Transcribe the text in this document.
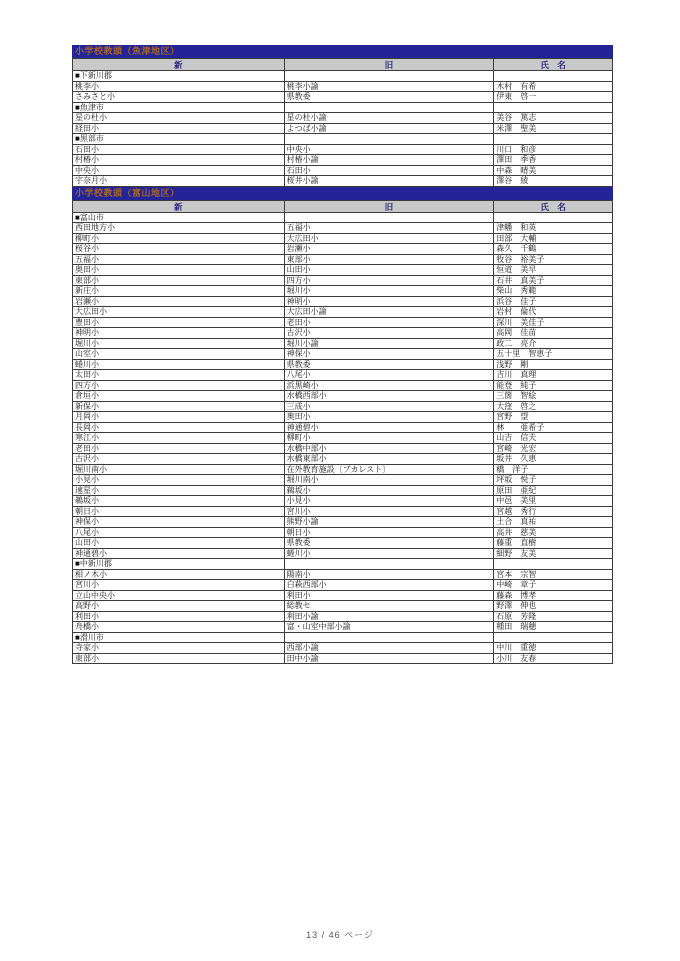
小学校教頭（魚津地区）
新	旧	氏　名
■下新川郡
桃李小	桃李小諭	木村　有希
さみさと小	県教委	伊東　啓一
■魚津市
星の杜小	星の杜小諭	美谷　篤志
経田小	よつば小諭	米澤　聖美
■黒部市
石田小	中央小	川口　和彦
村椿小	村椿小諭	澤田　季香
中央小	石田小	中森　晴美
宇奈月小	桜井小諭	澤谷　綾
小学校教頭（富山地区）
新	旧	氏　名
■富山市
西田地方小	五福小	津幡　和英
柳町小	大広田小	田部　大輔
桜谷小	岩瀬小	森久　千鶴
五福小	東部小	牧谷　裕美子
奥田小	山田小	恒道　美早
東部小	四方小	石井　真美子
新庄小	堀川小	柴山　秀範
岩瀬小	神明小	浜谷　佳子
大広田小	大広田小諭	岩村　倫代
豊田小	老田小	深川　美佳子
神明小	古沢小	高岡　佳苗
堀川小	堀川小諭	政二　亮介
山室小	神保小	五十里　智恵子
蜷川小	県教委	浅野　剛
太田小	八尾小	吉川　真理
四方小	浜黒崎小	能登　純子
倉垣小	水橋西部小	三箇　智絵
新保小	三成小	大窪　啓之
月岡小	奥田小	宮野　望
長岡小	神通碧小	林　　亜希子
寒江小	柳町小	山吉　信夫
老田小	水橋中部小	宮崎　光宏
古沢小	水橋東部小	坂井　久恵
堀川南小	在外教育施設〔ブカレスト〕	橋　洋子
小見小	堀川南小	坪坂　悦子
速星小	鵜坂小	原田　亜紀
鵜坂小	小見小	中邑　美里
朝日小	宮川小	宮越　秀行
神保小	熊野小諭	土合　真祐
八尾小	朝日小	高井　慈美
山田小	県教委	藤重　直樹
神通碧小	蜷川小	細野　友美
■中新川郡
相ノ木小	陽南小	宮本　宗智
宮川小	白萩西部小	中崎　章子
立山中央小	利田小	藤森　博孝
高野小	総教セ	野澤　伸也
利田小	利田小諭	石原　芳隆
舟橋小	富・山室中部小諭	種田　瑞穂
■滑川市
寺家小	西部小諭	中川　重徳
東部小	田中小諭	小川　友春
13 / 46 ページ
